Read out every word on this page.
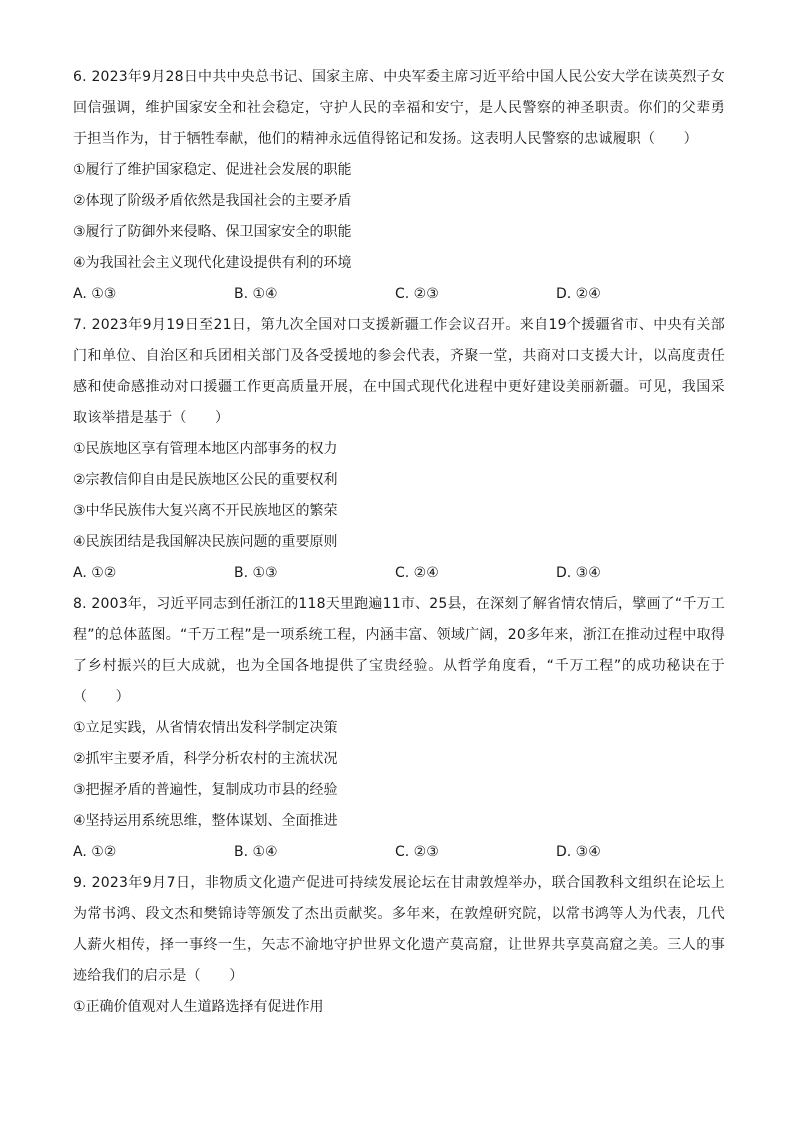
6. 2023年9月28日中共中央总书记、国家主席、中央军委主席习近平给中国人民公安大学在读英烈子女回信强调，维护国家安全和社会稳定，守护人民的幸福和安宁，是人民警察的神圣职责。你们的父辈勇于担当作为，甘于牺牲奉献，他们的精神永远值得铭记和发扬。这表明人民警察的忠诚履职（　　）

①履行了维护国家稳定、促进社会发展的职能

②体现了阶级矛盾依然是我国社会的主要矛盾

③履行了防御外来侵略、保卫国家安全的职能

④为我国社会主义现代化建设提供有利的环境

A. ①③	B. ①④	C. ②③	D. ②④

7. 2023年9月19日至21日，第九次全国对口支援新疆工作会议召开。来自19个援疆省市、中央有关部门和单位、自治区和兵团相关部门及各受援地的参会代表，齐聚一堂，共商对口支援大计，以高度责任感和使命感推动对口援疆工作更高质量开展，在中国式现代化进程中更好建设美丽新疆。可见，我国采取该举措是基于（　　）

①民族地区享有管理本地区内部事务的权力

②宗教信仰自由是民族地区公民的重要权利

③中华民族伟大复兴离不开民族地区的繁荣

④民族团结是我国解决民族问题的重要原则

A. ①②	B. ①③	C. ②④	D. ③④

8. 2003年，习近平同志到任浙江的118天里跑遍11市、25县，在深刻了解省情农情后，擘画了“千万工程”的总体蓝图。“千万工程”是一项系统工程，内涵丰富、领域广阔，20多年来，浙江在推动过程中取得了乡村振兴的巨大成就，也为全国各地提供了宝贵经验。从哲学角度看，“千万工程”的成功秘诀在于（　　）

①立足实践，从省情农情出发科学制定决策

②抓牢主要矛盾，科学分析农村的主流状况

③把握矛盾的普遍性，复制成功市县的经验

④坚持运用系统思维，整体谋划、全面推进

A. ①②	B. ①④	C. ②③	D. ③④

9. 2023年9月7日，非物质文化遗产促进可持续发展论坛在甘肃敦煌举办，联合国教科文组织在论坛上为常书鸿、段文杰和樊锦诗等颁发了杰出贡献奖。多年来，在敦煌研究院，以常书鸿等人为代表，几代人薪火相传，择一事终一生，矢志不渝地守护世界文化遗产莫高窟，让世界共享莫高窟之美。三人的事迹给我们的启示是（　　）

①正确价值观对人生道路选择有促进作用
